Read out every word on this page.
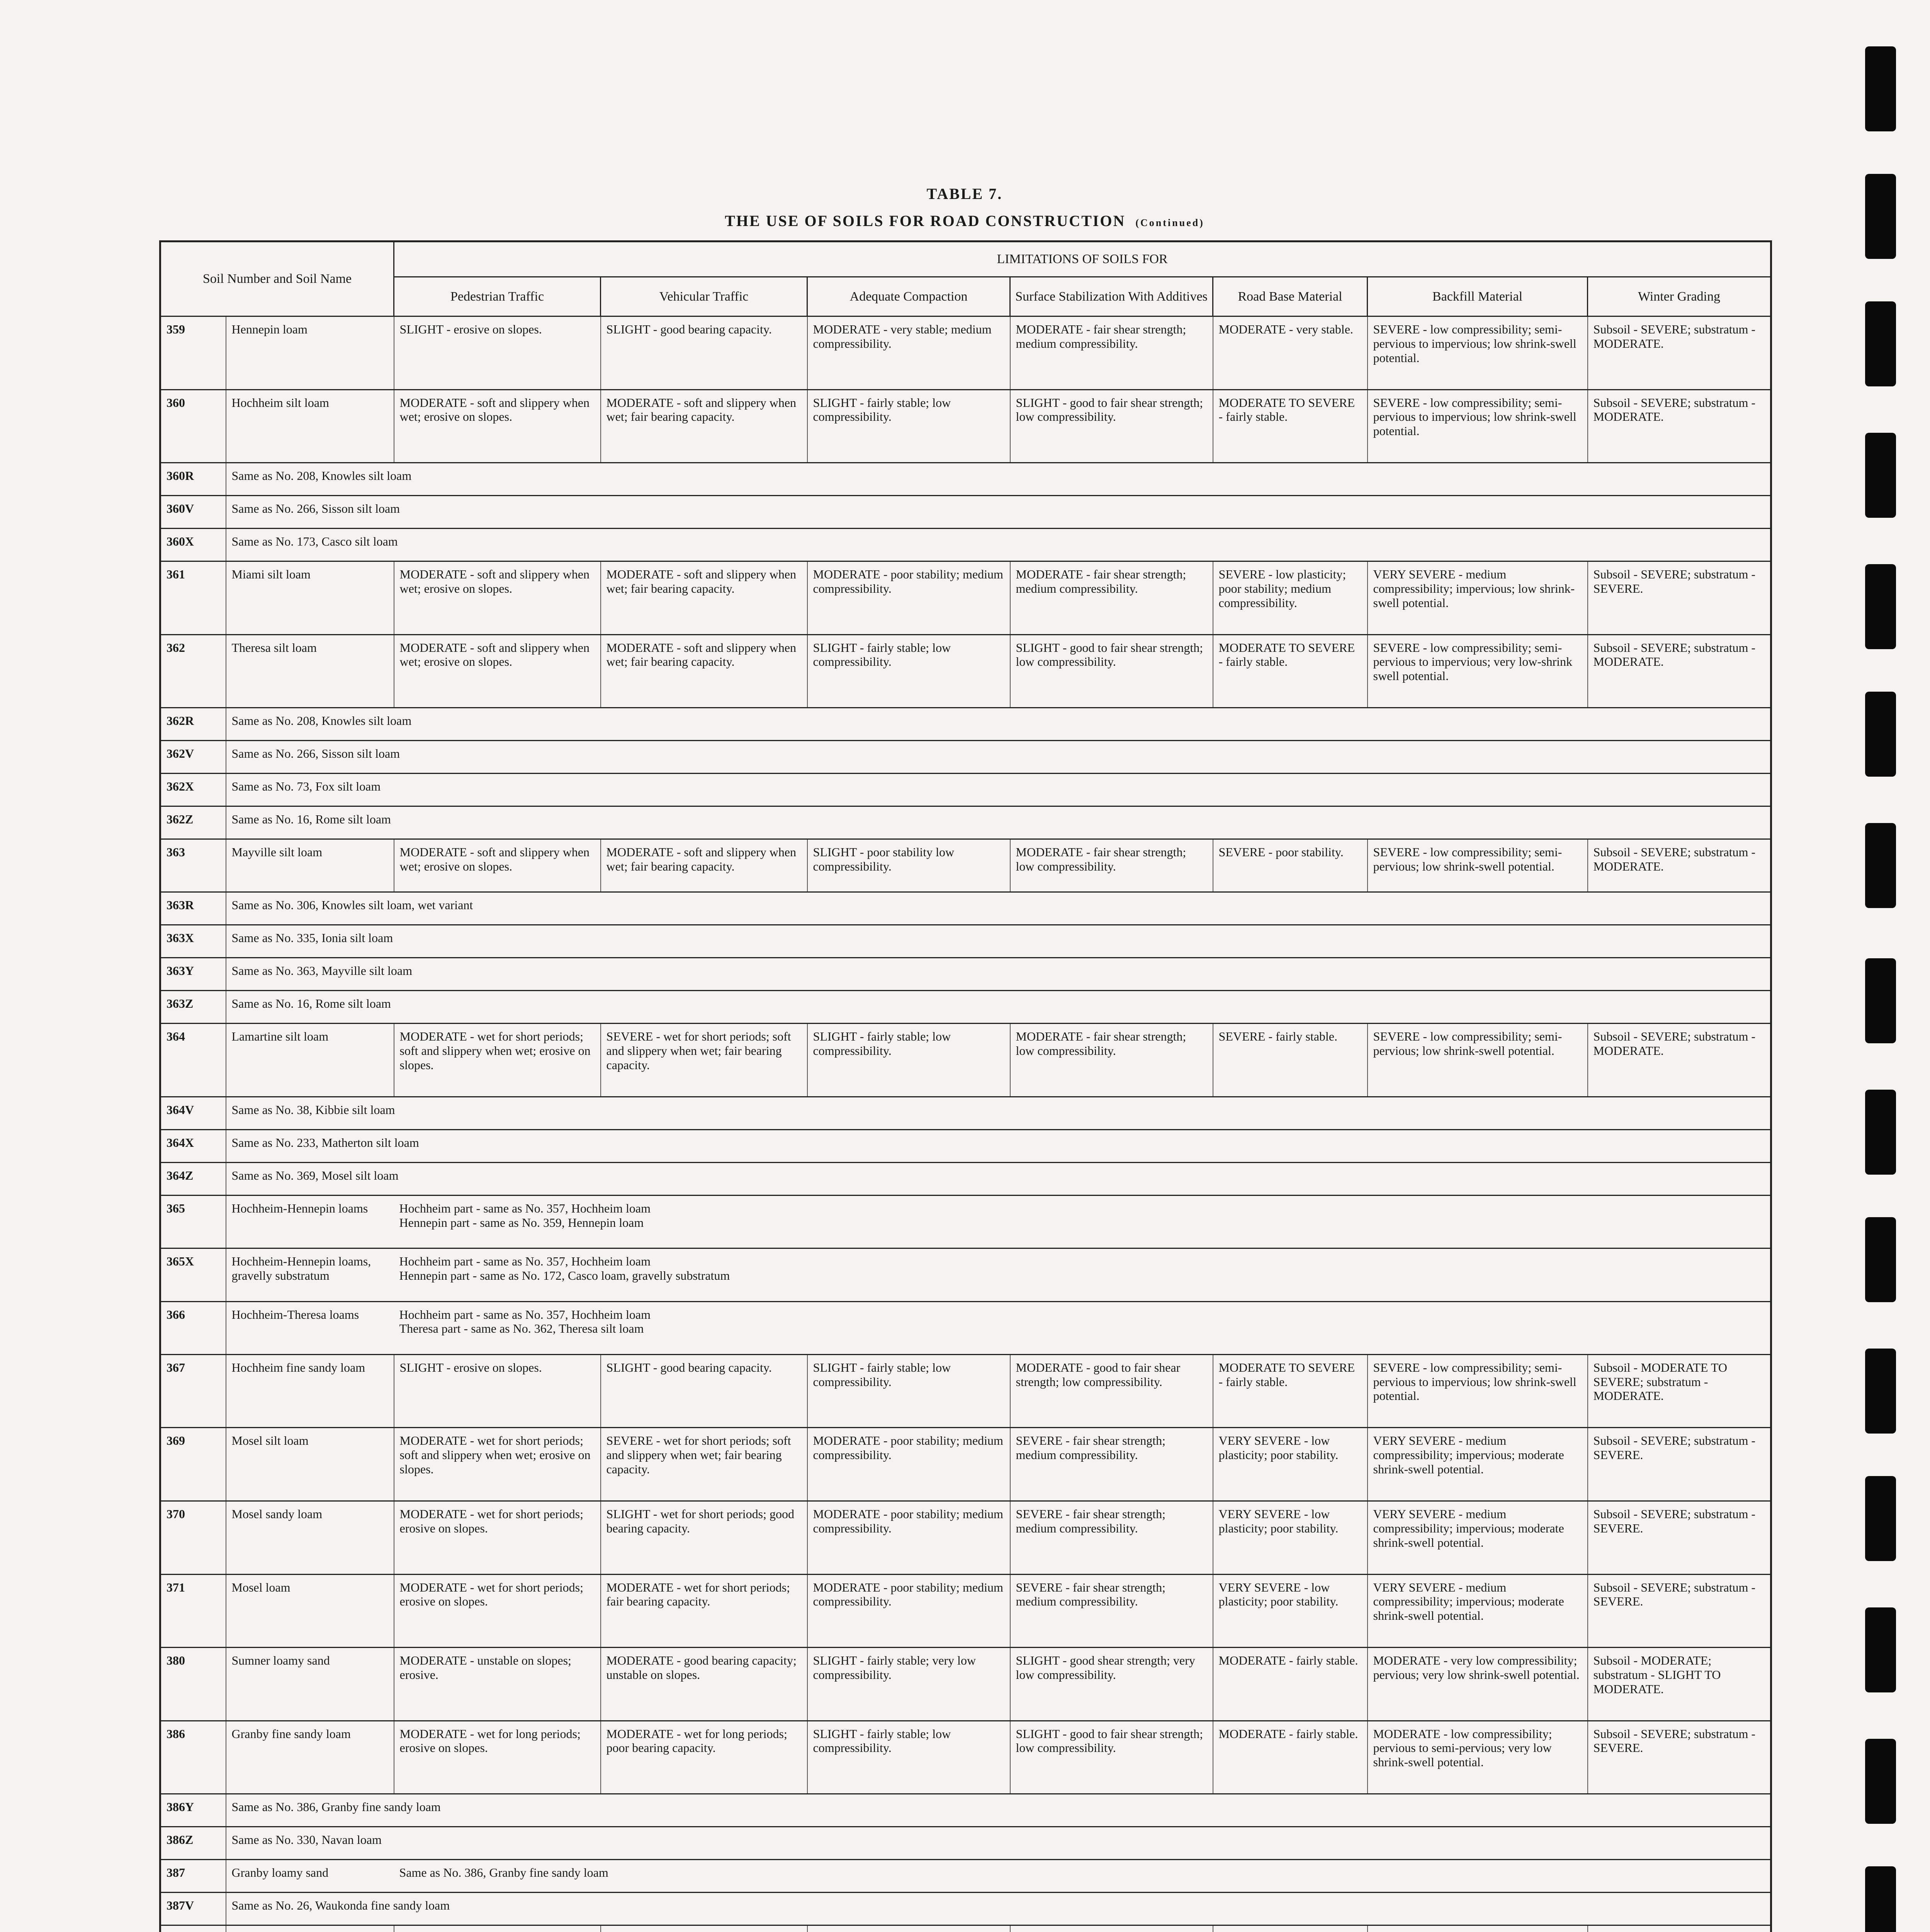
TABLE 7.
THE USE OF SOILS FOR ROAD CONSTRUCTION (Continued)
Soil Number and Soil Name		LIMITATIONS OF SOILS FOR						
		Pedestrian Traffic	Vehicular Traffic	Adequate Compaction	Surface Stabilization With Additives	Road Base Material	Backfill Material	Winter Grading
359	Hennepin loam	SLIGHT - erosive on slopes.	SLIGHT - good bearing capacity.	MODERATE - very stable; medium compressibility.	MODERATE - fair shear strength; medium compressibility.	MODERATE - very stable.	SEVERE - low compressibility; semi-pervious to impervious; low shrink-swell potential.	Subsoil - SEVERE; substratum - MODERATE.
360	Hochheim silt loam	MODERATE - soft and slippery when wet; erosive on slopes.	MODERATE - soft and slippery when wet; fair bearing capacity.	SLIGHT - fairly stable; low compressibility.	SLIGHT - good to fair shear strength; low compressibility.	MODERATE TO SEVERE - fairly stable.	SEVERE - low compressibility; semi-pervious to impervious; low shrink-swell potential.	Subsoil - SEVERE; substratum - MODERATE.
360R	Same as No. 208, Knowles silt loam							
360V	Same as No. 266, Sisson silt loam							
360X	Same as No. 173, Casco silt loam							
361	Miami silt loam	MODERATE - soft and slippery when wet; erosive on slopes.	MODERATE - soft and slippery when wet; fair bearing capacity.	MODERATE - poor stability; medium compressibility.	MODERATE - fair shear strength; medium compressibility.	SEVERE - low plasticity; poor stability; medium compressibility.	VERY SEVERE - medium compressibility; impervious; low shrink-swell potential.	Subsoil - SEVERE; substratum - SEVERE.
362	Theresa silt loam	MODERATE - soft and slippery when wet; erosive on slopes.	MODERATE - soft and slippery when wet; fair bearing capacity.	SLIGHT - fairly stable; low compressibility.	SLIGHT - good to fair shear strength; low compressibility.	MODERATE TO SEVERE - fairly stable.	SEVERE - low compressibility; semi-pervious to impervious; very low-shrink swell potential.	Subsoil - SEVERE; substratum - MODERATE.
362R	Same as No. 208, Knowles silt loam							
362V	Same as No. 266, Sisson silt loam							
362X	Same as No. 73, Fox silt loam							
362Z	Same as No. 16, Rome silt loam							
363	Mayville silt loam	MODERATE - soft and slippery when wet; erosive on slopes.	MODERATE - soft and slippery when wet; fair bearing capacity.	SLIGHT - poor stability low compressibility.	MODERATE - fair shear strength; low compressibility.	SEVERE - poor stability.	SEVERE - low compressibility; semi-pervious; low shrink-swell potential.	Subsoil - SEVERE; substratum - MODERATE.
363R	Same as No. 306, Knowles silt loam, wet variant							
363X	Same as No. 335, Ionia silt loam							
363Y	Same as No. 363, Mayville silt loam							
363Z	Same as No. 16, Rome silt loam							
364	Lamartine silt loam	MODERATE - wet for short periods; soft and slippery when wet; erosive on slopes.	SEVERE - wet for short periods; soft and slippery when wet; fair bearing capacity.	SLIGHT - fairly stable; low compressibility.	MODERATE - fair shear strength; low compressibility.	SEVERE - fairly stable.	SEVERE - low compressibility; semi-pervious; low shrink-swell potential.	Subsoil - SEVERE; substratum - MODERATE.
364V	Same as No. 38, Kibbie silt loam							
364X	Same as No. 233, Matherton silt loam							
364Z	Same as No. 369, Mosel silt loam							
365	Hochheim-Hennepin loams	Hochheim part - same as No. 357, Hochheim loam
Hennepin part - same as No. 359, Hennepin loam						

365X	Hochheim-Hennepin loams, gravelly substratum	Hochheim part - same as No. 357, Hochheim loam
Hennepin part - same as No. 172, Casco loam, gravelly substratum						

366	Hochheim-Theresa loams	Hochheim part - same as No. 357, Hochheim loam
Theresa part - same as No. 362, Theresa silt loam						

367	Hochheim fine sandy loam	SLIGHT - erosive on slopes.	SLIGHT - good bearing capacity.	SLIGHT - fairly stable; low compressibility.	MODERATE - good to fair shear strength; low compressibility.	MODERATE TO SEVERE - fairly stable.	SEVERE - low compressibility; semi-pervious to impervious; low shrink-swell potential.	Subsoil - MODERATE TO SEVERE; substratum - MODERATE.
369	Mosel silt loam	MODERATE - wet for short periods; soft and slippery when wet; erosive on slopes.	SEVERE - wet for short periods; soft and slippery when wet; fair bearing capacity.	MODERATE - poor stability; medium compressibility.	SEVERE - fair shear strength; medium compressibility.	VERY SEVERE - low plasticity; poor stability.	VERY SEVERE - medium compressibility; impervious; moderate shrink-swell potential.	Subsoil - SEVERE; substratum - SEVERE.
370	Mosel sandy loam	MODERATE - wet for short periods; erosive on slopes.	SLIGHT - wet for short periods; good bearing capacity.	MODERATE - poor stability; medium compressibility.	SEVERE - fair shear strength; medium compressibility.	VERY SEVERE - low plasticity; poor stability.	VERY SEVERE - medium compressibility; impervious; moderate shrink-swell potential.	Subsoil - SEVERE; substratum - SEVERE.
371	Mosel loam	MODERATE - wet for short periods; erosive on slopes.	MODERATE - wet for short periods; fair bearing capacity.	MODERATE - poor stability; medium compressibility.	SEVERE - fair shear strength; medium compressibility.	VERY SEVERE - low plasticity; poor stability.	VERY SEVERE - medium compressibility; impervious; moderate shrink-swell potential.	Subsoil - SEVERE; substratum - SEVERE.
380	Sumner loamy sand	MODERATE - unstable on slopes; erosive.	MODERATE - good bearing capacity; unstable on slopes.	SLIGHT - fairly stable; very low compressibility.	SLIGHT - good shear strength; very low compressibility.	MODERATE - fairly stable.	MODERATE - very low compressibility; pervious; very low shrink-swell potential.	Subsoil - MODERATE; substratum - SLIGHT TO MODERATE.
386	Granby fine sandy loam	MODERATE - wet for long periods; erosive on slopes.	MODERATE - wet for long periods; poor bearing capacity.	SLIGHT - fairly stable; low compressibility.	SLIGHT - good to fair shear strength; low compressibility.	MODERATE - fairly stable.	MODERATE - low compressibility; pervious to semi-pervious; very low shrink-swell potential.	Subsoil - SEVERE; substratum - SEVERE.
386Y	Same as No. 386, Granby fine sandy loam							
386Z	Same as No. 330, Navan loam							
387	Granby loamy sand	Same as No. 386, Granby fine sandy loam						
387V	Same as No. 26, Waukonda fine sandy loam							
